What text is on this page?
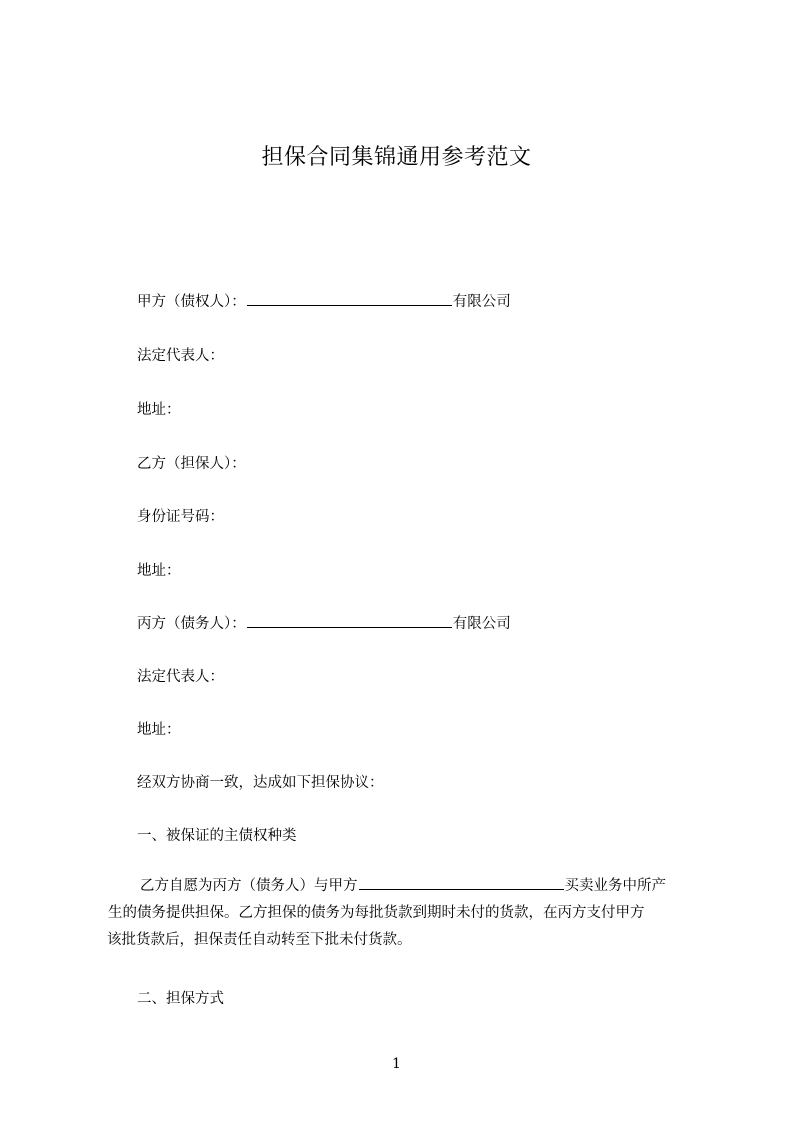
担保合同集锦通用参考范文
甲方（债权人）：	有限公司
法定代表人：
地址：
乙方（担保人）：
身份证号码：
地址：
丙方（债务人）：	有限公司
法定代表人：
地址：
经双方协商一致，达成如下担保协议：
一、被保证的主债权种类
乙方自愿为丙方（债务人）与甲方	买卖业务中所产
生的债务提供担保。乙方担保的债务为每批货款到期时未付的货款，在丙方支付甲方
该批货款后，担保责任自动转至下批未付货款。
二、担保方式
1
